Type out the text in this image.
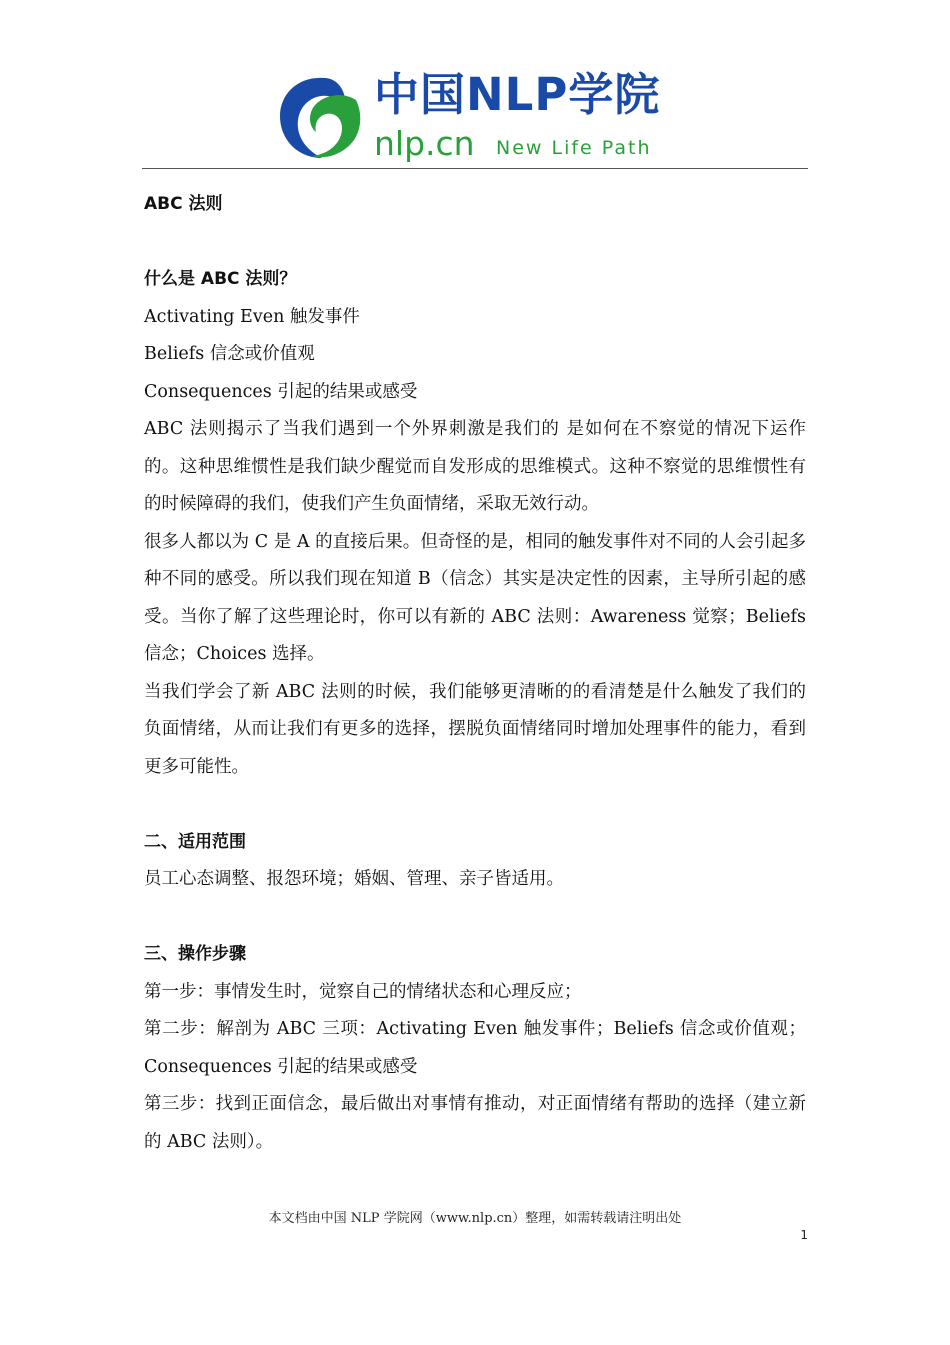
中国NLP学院
nlp.cn New Life Path

ABC 法则

什么是 ABC 法则？

Activating Even 触发事件

Beliefs 信念或价值观

Consequences 引起的结果或感受

ABC 法则揭示了当我们遇到一个外界刺激是我们的 是如何在不察觉的情况下运作的。这种思维惯性是我们缺少醒觉而自发形成的思维模式。这种不察觉的思维惯性有的时候障碍的我们，使我们产生负面情绪，采取无效行动。

很多人都以为 C 是 A 的直接后果。但奇怪的是，相同的触发事件对不同的人会引起多种不同的感受。所以我们现在知道 B（信念）其实是决定性的因素，主导所引起的感受。当你了解了这些理论时，你可以有新的 ABC 法则：Awareness 觉察；Beliefs 信念；Choices 选择。

当我们学会了新 ABC 法则的时候，我们能够更清晰的的看清楚是什么触发了我们的负面情绪，从而让我们有更多的选择，摆脱负面情绪同时增加处理事件的能力，看到更多可能性。

二、适用范围

员工心态调整、报怨环境；婚姻、管理、亲子皆适用。

三、操作步骤

第一步：事情发生时，觉察自己的情绪状态和心理反应；

第二步：解剖为 ABC 三项：Activating Even 触发事件；Beliefs 信念或价值观；Consequences 引起的结果或感受

第三步：找到正面信念，最后做出对事情有推动，对正面情绪有帮助的选择（建立新的 ABC 法则）。

本文档由中国 NLP 学院网（www.nlp.cn）整理，如需转载请注明出处
1
